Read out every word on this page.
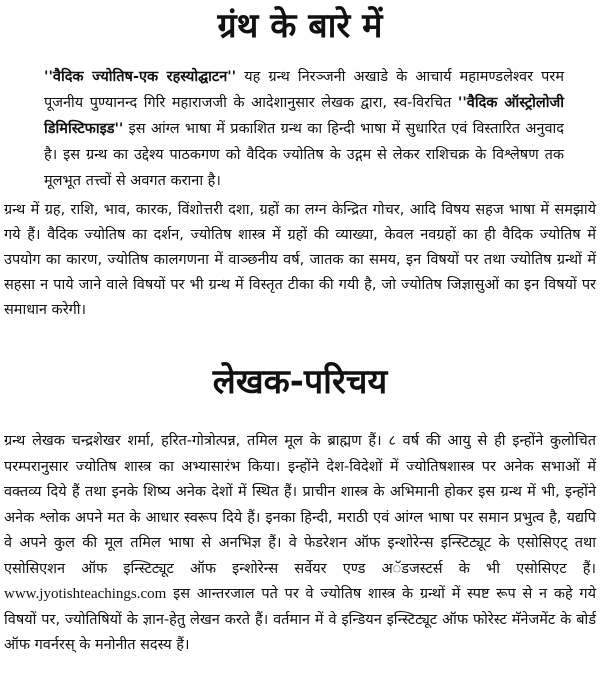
ग्रंथ के बारे में

''वैदिक ज्योतिष-एक रहस्योद्घाटन'' यह ग्रन्थ निरञ्जनी अखाडे के आचार्य महामण्डलेश्वर परम पूजनीय पुण्यानन्द गिरि महाराजजी के आदेशानुसार लेखक द्वारा, स्व-विरचित ''वैदिक ऑस्ट्रोलोजी डिमिस्टिफाइड'' इस आंग्ल भाषा में प्रकाशित ग्रन्थ का हिन्दी भाषा में सुधारित एवं विस्तारित अनुवाद है। इस ग्रन्थ का उद्देश्य पाठकगण को वैदिक ज्योतिष के उद्गम से लेकर राशिचक्र के विश्लेषण तक मूलभूत तत्त्वों से अवगत कराना है।

ग्रन्थ में ग्रह, राशि, भाव, कारक, विंशोत्तरी दशा, ग्रहों का लग्न केन्द्रित गोचर, आदि विषय सहज भाषा में समझाये गये हैं। वैदिक ज्योतिष का दर्शन, ज्योतिष शास्त्र में ग्रहों की व्याख्या, केवल नवग्रहों का ही वैदिक ज्योतिष में उपयोग का कारण, ज्योतिष कालगणना में वाञ्छनीय वर्ष, जातक का समय, इन विषयों पर तथा ज्योतिष ग्रन्थों में सहसा न पाये जाने वाले विषयों पर भी ग्रन्थ में विस्तृत टीका की गयी है, जो ज्योतिष जिज्ञासुओं का इन विषयों पर समाधान करेगी।

लेखक-परिचय

ग्रन्थ लेखक चन्द्रशेखर शर्मा, हरित-गोत्रोत्पन्न, तमिल मूल के ब्राह्मण हैं। ८ वर्ष की आयु से ही इन्होंने कुलोचित परम्परानुसार ज्योतिष शास्त्र का अभ्यासारंभ किया। इन्होंने देश-विदेशों में ज्योतिषशास्त्र पर अनेक सभाओं में वक्तव्य दिये हैं तथा इनके शिष्य अनेक देशों में स्थित हैं। प्राचीन शास्त्र के अभिमानी होकर इस ग्रन्थ में भी, इन्होंने अनेक श्लोक अपने मत के आधार स्वरूप दिये हैं। इनका हिन्दी, मराठी एवं आंग्ल भाषा पर समान प्रभुत्व है, यद्यपि वे अपने कुल की मूल तमिल भाषा से अनभिज्ञ हैं। वे फेडरेशन ऑफ इन्शोरेन्स इन्स्टिट्यूट के एसोसिएट् तथा एसोसिएशन ऑफ इन्स्टिट्यूट ऑफ इन्शोरेन्स सर्वेयर एण्ड अॅडजस्टर्स के भी एसोसिएट हैं। www.jyotishteachings.com इस आन्तरजाल पते पर वे ज्योतिष शास्त्र के ग्रन्थों में स्पष्ट रूप से न कहे गये विषयों पर, ज्योतिषियों के ज्ञान-हेतु लेखन करते हैं। वर्तमान में वे इन्डियन इन्स्टिट्यूट ऑफ फोरेस्ट मॅनेजमेंट के बोर्ड ऑफ गवर्नरस् के मनोनीत सदस्य हैं।
